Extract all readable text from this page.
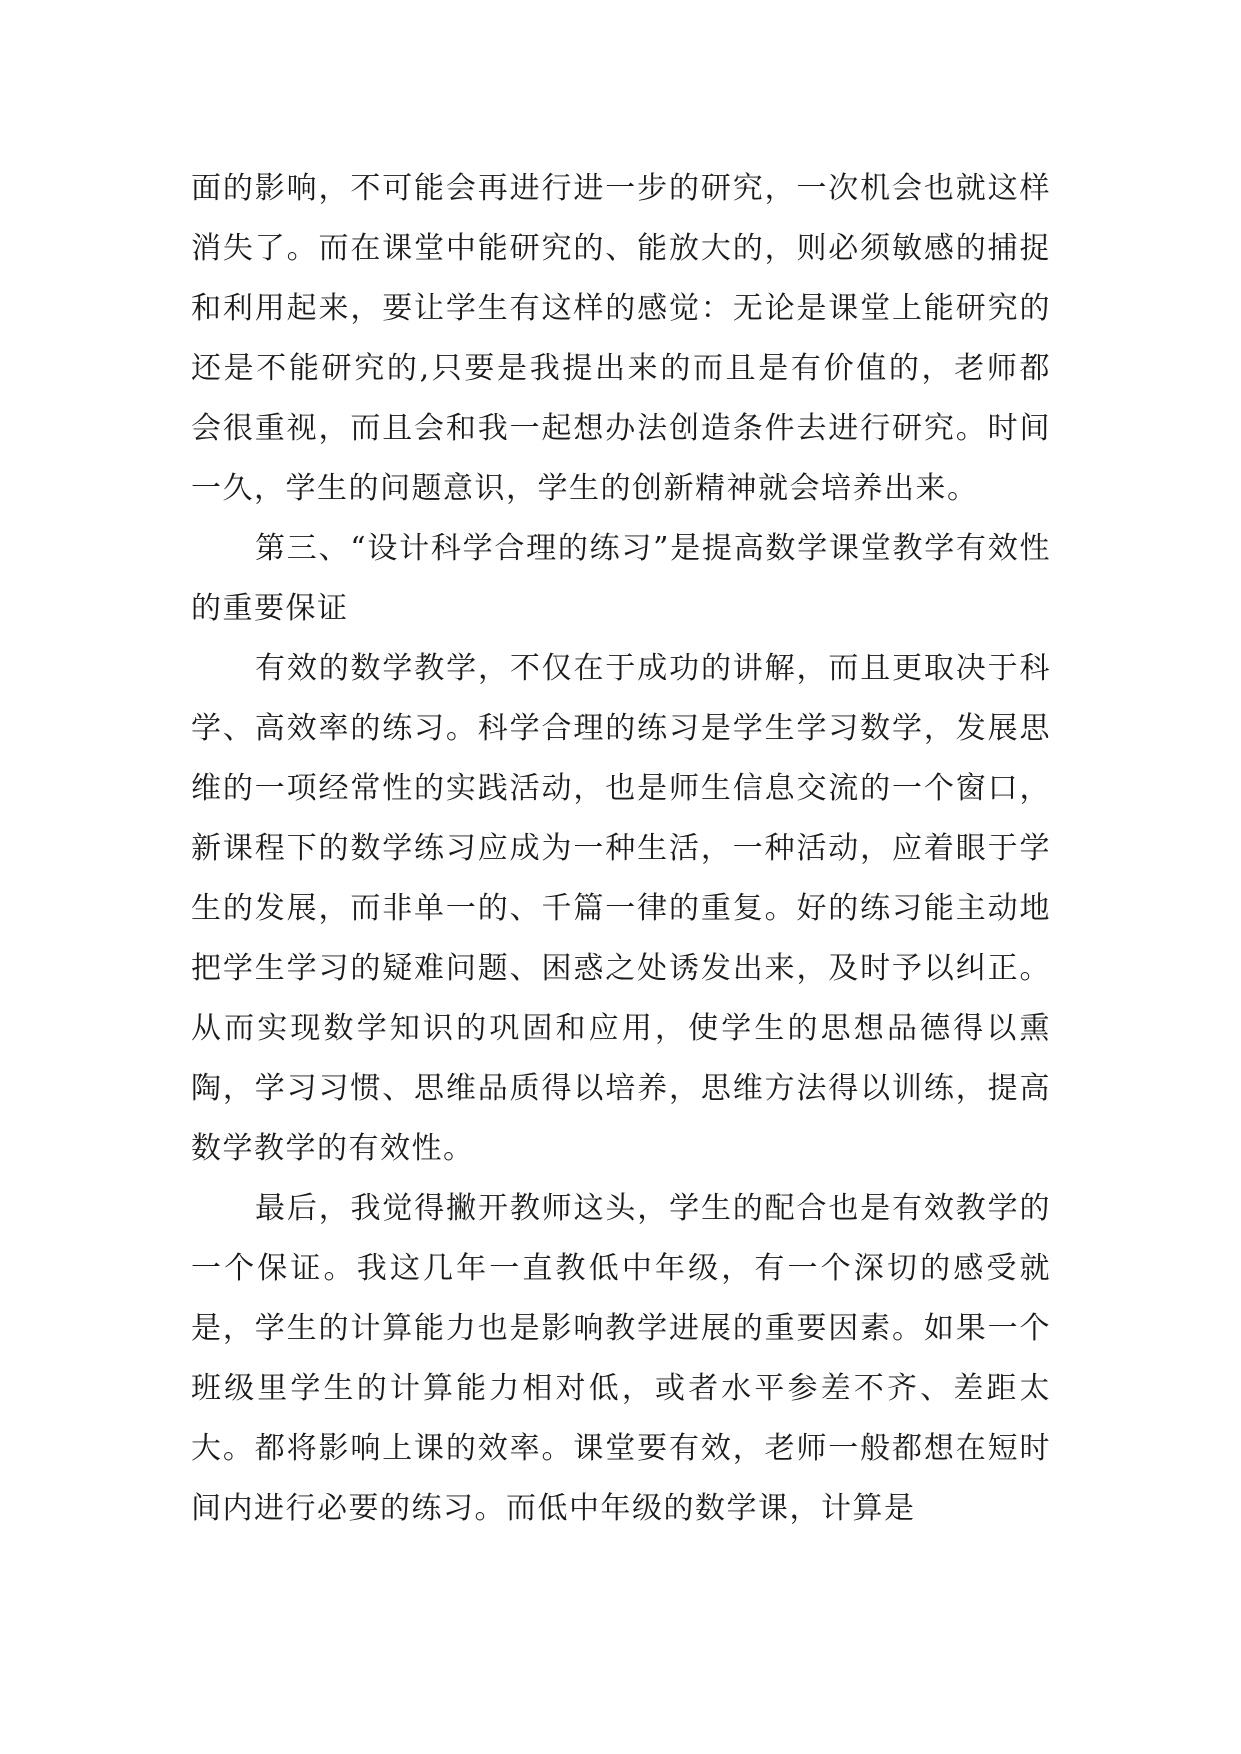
面的影响，不可能会再进行进一步的研究，一次机会也就这样消失了。而在课堂中能研究的、能放大的，则必须敏感的捕捉和利用起来，要让学生有这样的感觉：无论是课堂上能研究的还是不能研究的,只要是我提出来的而且是有价值的，老师都会很重视，而且会和我一起想办法创造条件去进行研究。时间一久，学生的问题意识，学生的创新精神就会培养出来。

第三、“设计科学合理的练习”是提高数学课堂教学有效性的重要保证

有效的数学教学，不仅在于成功的讲解，而且更取决于科学、高效率的练习。科学合理的练习是学生学习数学，发展思维的一项经常性的实践活动，也是师生信息交流的一个窗口，新课程下的数学练习应成为一种生活，一种活动，应着眼于学生的发展，而非单一的、千篇一律的重复。好的练习能主动地把学生学习的疑难问题、困惑之处诱发出来，及时予以纠正。从而实现数学知识的巩固和应用，使学生的思想品德得以熏陶，学习习惯、思维品质得以培养，思维方法得以训练，提高数学教学的有效性。

最后，我觉得撇开教师这头，学生的配合也是有效教学的一个保证。我这几年一直教低中年级，有一个深切的感受就是，学生的计算能力也是影响教学进展的重要因素。如果一个班级里学生的计算能力相对低，或者水平参差不齐、差距太大。都将影响上课的效率。课堂要有效，老师一般都想在短时间内进行必要的练习。而低中年级的数学课，计算是
